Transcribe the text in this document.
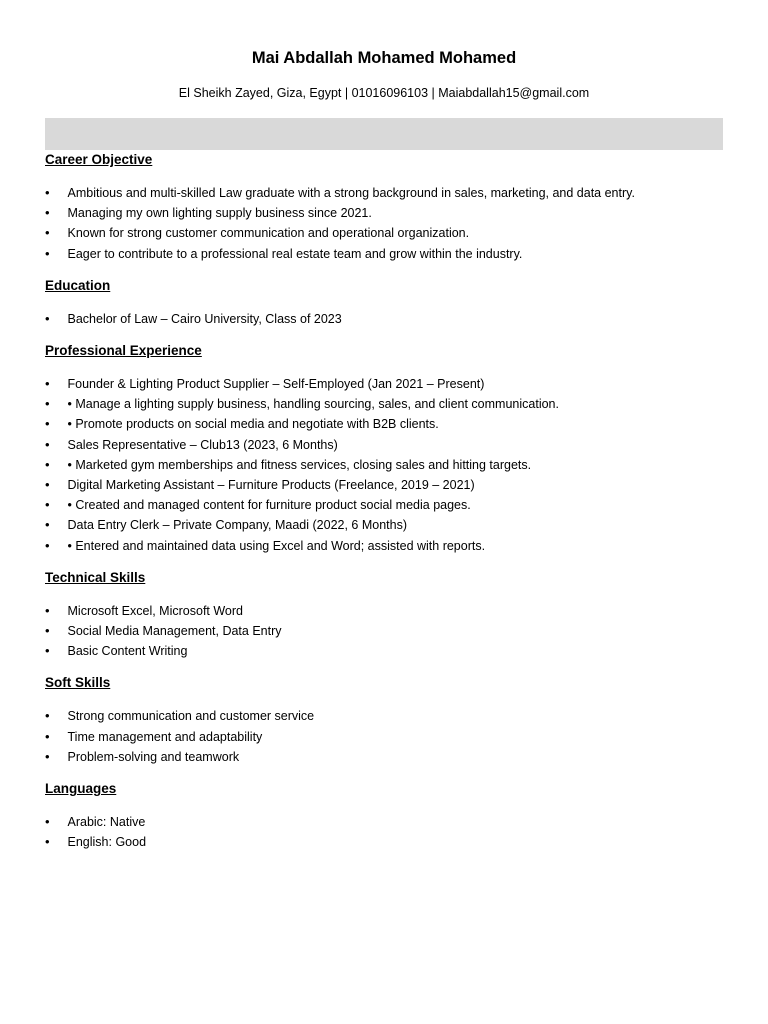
Mai Abdallah Mohamed Mohamed
El Sheikh Zayed, Giza, Egypt | 01016096103 | Maiabdallah15@gmail.com
Career Objective
•	Ambitious and multi-skilled Law graduate with a strong background in sales, marketing, and data entry.
•	Managing my own lighting supply business since 2021.
•	Known for strong customer communication and operational organization.
•	Eager to contribute to a professional real estate team and grow within the industry.
Education
•	Bachelor of Law – Cairo University, Class of 2023
Professional Experience
•	Founder & Lighting Product Supplier – Self-Employed (Jan 2021 – Present)
•	• Manage a lighting supply business, handling sourcing, sales, and client communication.
•	• Promote products on social media and negotiate with B2B clients.
•	Sales Representative – Club13 (2023, 6 Months)
•	• Marketed gym memberships and fitness services, closing sales and hitting targets.
•	Digital Marketing Assistant – Furniture Products (Freelance, 2019 – 2021)
•	• Created and managed content for furniture product social media pages.
•	Data Entry Clerk – Private Company, Maadi (2022, 6 Months)
•	• Entered and maintained data using Excel and Word; assisted with reports.
Technical Skills
•	Microsoft Excel, Microsoft Word
•	Social Media Management, Data Entry
•	Basic Content Writing
Soft Skills
•	Strong communication and customer service
•	Time management and adaptability
•	Problem-solving and teamwork
Languages
•	Arabic: Native
•	English: Good
